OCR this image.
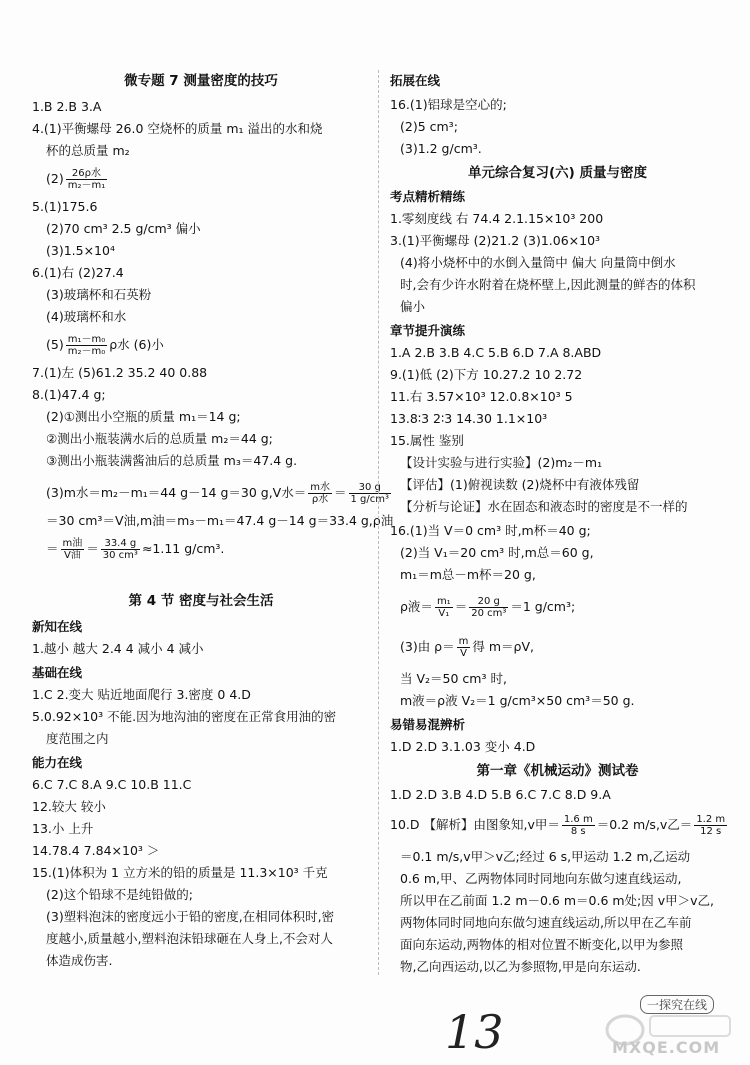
微专题 7 测量密度的技巧
1.B 2.B 3.A
4.(1)平衡螺母 26.0 空烧杯的质量 m₁ 溢出的水和烧
杯的总质量 m₂
$(2) \frac{\text{26ρ水}}{\text{m₂－m₁}}$
5.(1)175.6
(2)70 cm³ 2.5 g/cm³ 偏小
(3)1.5×10⁴
6.(1)右 (2)27.4
(3)玻璃杯和石英粉
(4)玻璃杯和水
$(5) \frac{\text{m₁－m₀}}{\text{m₂－m₀}}$ ρ水 (6)小
7.(1)左 (5)61.2 35.2 40 0.88
8.(1)47.4 g;
(2)①测出小空瓶的质量 m₁＝14 g;
②测出小瓶装满水后的总质量 m₂＝44 g;
③测出小瓶装满酱油后的总质量 m₃＝47.4 g.
(3)m水＝m₂－m₁＝44 g－14 g＝30 g,V水＝ $\frac{\text{m水}}{\text{ρ水}} = \frac{30 g}{\text{1 g/cm³}}$
＝30 cm³＝V油,m油＝m₃－m₁＝47.4 g－14 g＝33.4 g,ρ油
＝ $\frac{\text{m油}}{\text{V油}} = \frac{33.4 g}{\text{30 cm³}} \approx 1.11$ g/cm³.
第 4 节 密度与社会生活
新知在线
1.越小 越大 2.4 4 减小 4 减小
基础在线
1.C 2.变大 贴近地面爬行 3.密度 0 4.D
5.0.92×10³ 不能.因为地沟油的密度在正常食用油的密
度范围之内
能力在线
6.C 7.C 8.A 9.C 10.B 11.C
12.较大 较小
13.小 上升
14.78.4 7.84×10³ ＞
15.(1)体积为 1 立方米的铅的质量是 11.3×10³ 千克
(2)这个铅球不是纯铅做的;
(3)塑料泡沫的密度远小于铅的密度,在相同体积时,密
度越小,质量越小,塑料泡沫铅球砸在人身上,不会对人
体造成伤害.
拓展在线
16.(1)铝球是空心的;
(2)5 cm³;
(3)1.2 g/cm³.
单元综合复习(六) 质量与密度
考点精析精练
1.零刻度线 右 74.4 2.1.15×10³ 200
3.(1)平衡螺母 (2)21.2 (3)1.06×10³
(4)将小烧杯中的水倒入量筒中 偏大 向量筒中倒水
时,会有少许水附着在烧杯壁上,因此测量的鲜杏的体积
偏小
章节提升演练
1.A 2.B 3.B 4.C 5.B 6.D 7.A 8.ABD
9.(1)低 (2)下方 10.27.2 10 2.72
11.右 3.57×10³ 12.0.8×10³ 5
13.8∶3 2∶3 14.30 1.1×10³
15.属性 鉴别
【设计实验与进行实验】(2)m₂－m₁
【评估】(1)俯视读数 (2)烧杯中有液体残留
【分析与论证】水在固态和液态时的密度是不一样的
16.(1)当 V＝0 cm³ 时,m杯＝40 g;
(2)当 V₁＝20 cm³ 时,m总＝60 g,
m₁＝m总－m杯＝20 g,
ρ液＝ $\frac{\text{m₁}}{\text{V₁}} = \frac{20 g}{\text{20 cm³}} =1$ g/cm³;
(3)由 $\rho= \frac{m}{V}$ 得 m＝ρV,
当 V₂＝50 cm³ 时,
m液＝ρ液 V₂＝1 g/cm³×50 cm³＝50 g.
易错易混辨析
1.D 2.D 3.1.03 变小 4.D
第一章《机械运动》测试卷
1.D 2.D 3.B 4.D 5.B 6.C 7.C 8.D 9.A
10.D 【解析】由图象知,v甲＝ $\frac{1.6 m}{8 s} =0.2$ m/s,v乙＝ $\frac{1.2 m}{12 s}$
＝0.1 m/s,v甲＞v乙;经过 6 s,甲运动 1.2 m,乙运动
0.6 m,甲、乙两物体同时同地向东做匀速直线运动,
所以甲在乙前面 1.2 m－0.6 m＝0.6 m处;因 v甲＞v乙,
两物体同时同地向东做匀速直线运动,所以甲在乙车前
面向东运动,两物体的相对位置不断变化,以甲为参照
物,乙向西运动,以乙为参照物,甲是向东运动.
一探究在线
13	MXQE.COM
